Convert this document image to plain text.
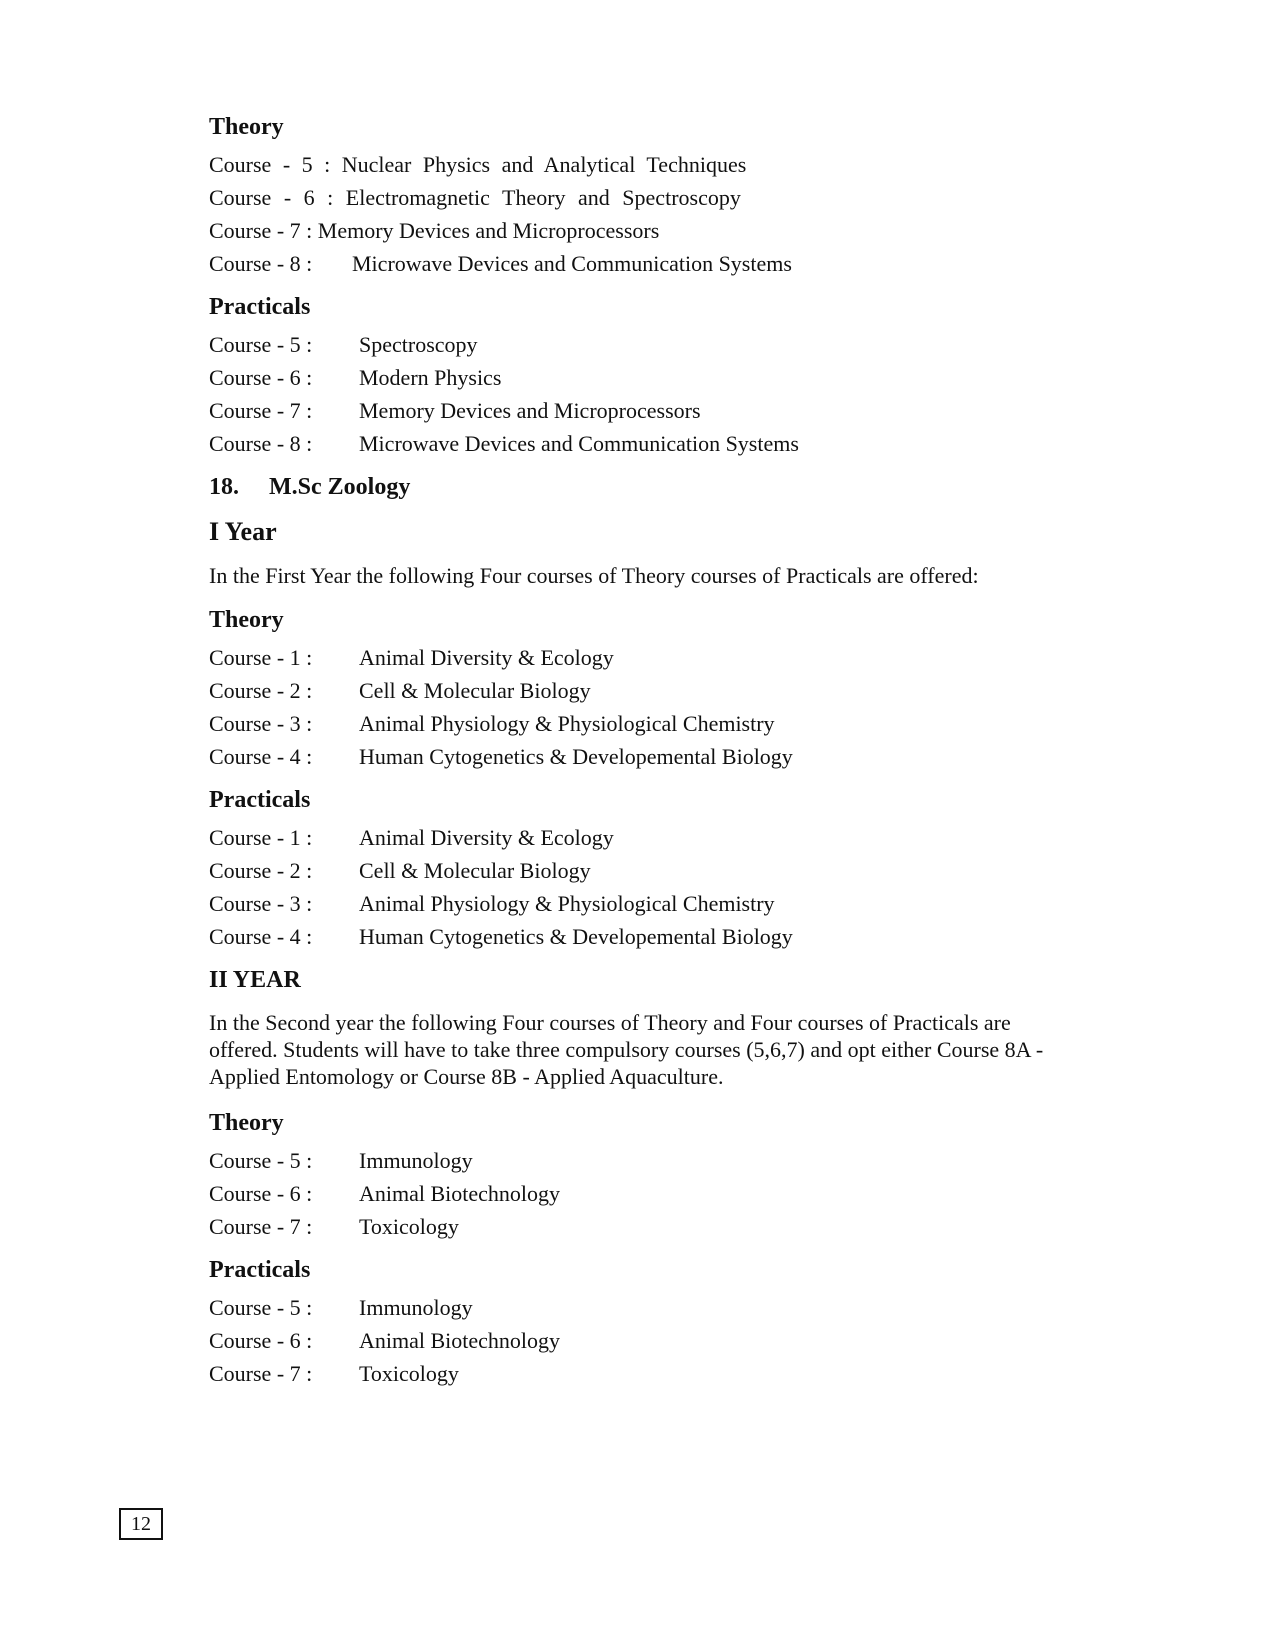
Theory
Course - 5 : Nuclear Physics and Analytical Techniques
Course - 6 : Electromagnetic Theory and Spectroscopy
Course - 7 : Memory Devices and Microprocessors
Course - 8 :	Microwave Devices and Communication Systems
Practicals
Course - 5 :	Spectroscopy
Course - 6 :	Modern Physics
Course - 7 :	Memory Devices and Microprocessors
Course - 8 :	Microwave Devices and Communication Systems
18. M.Sc Zoology
I Year

In the First Year the following Four courses of Theory courses of Practicals are offered:

Theory
Course - 1 :	Animal Diversity & Ecology
Course - 2 :	Cell & Molecular Biology
Course - 3 :	Animal Physiology & Physiological Chemistry
Course - 4 :	Human Cytogenetics & Developemental Biology
Practicals
Course - 1 :	Animal Diversity & Ecology
Course - 2 :	Cell & Molecular Biology
Course - 3 :	Animal Physiology & Physiological Chemistry
Course - 4 :	Human Cytogenetics & Developemental Biology
II YEAR

In the Second year the following Four courses of Theory and Four courses of Practicals are offered. Students will have to take three compulsory courses (5,6,7) and opt either Course 8A - Applied Entomology or Course 8B - Applied Aquaculture.

Theory
Course - 5 :	Immunology
Course - 6 :	Animal Biotechnology
Course - 7 :	Toxicology
Practicals
Course - 5 :	Immunology
Course - 6 :	Animal Biotechnology
Course - 7 :	Toxicology
12
